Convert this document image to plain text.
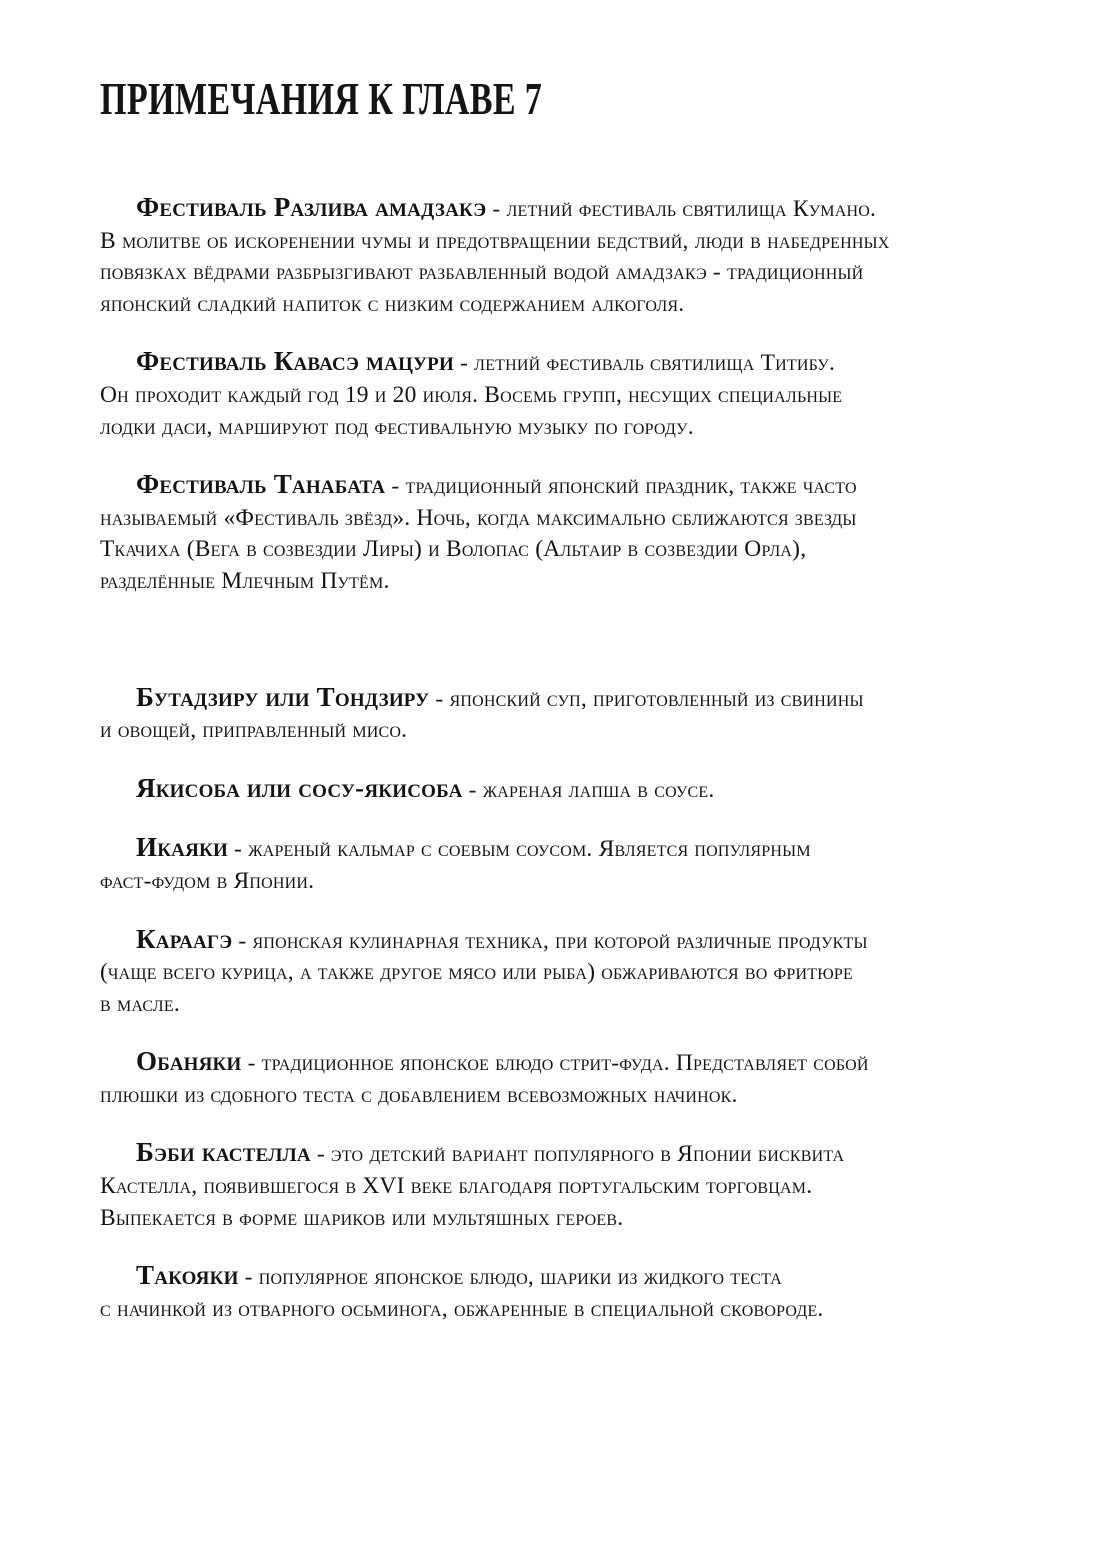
ПРИМЕЧАНИЯ К ГЛАВЕ 7
Фестиваль Разлива амадзакэ - летний фестиваль святилища Кумано.
В молитве об искоренении чумы и предотвращении бедствий, люди в набедренных
повязках вёдрами разбрызгивают разбавленный водой амадзакэ - традиционный
японский сладкий напиток с низким содержанием алкоголя.
Фестиваль Кавасэ мацури - летний фестиваль святилища Титибу.
Он проходит каждый год 19 и 20 июля. Восемь групп, несущих специальные
лодки даси, маршируют под фестивальную музыку по городу.
Фестиваль Танабата - традиционный японский праздник, также часто
называемый «Фестиваль звёзд». Ночь, когда максимально сближаются звезды
Ткачиха (Вега в созвездии Лиры) и Волопас (Альтаир в созвездии Орла),
разделённые Млечным Путём.
Бутадзиру или Тондзиру - японский суп, приготовленный из свинины
и овощей, приправленный мисо.
Якисоба или сосу-якисоба - жареная лапша в соусе.
Икаяки - жареный кальмар с соевым соусом. Является популярным
фаст-фудом в Японии.
Караагэ - японская кулинарная техника, при которой различные продукты
(чаще всего курица, а также другое мясо или рыба) обжариваются во фритюре
в масле.
Обаняки - традиционное японское блюдо стрит-фуда. Представляет собой
плюшки из сдобного теста с добавлением всевозможных начинок.
Бэби кастелла - это детский вариант популярного в Японии бисквита
Кастелла, появившегося в XVI веке благодаря португальским торговцам.
Выпекается в форме шариков или мультяшных героев.
Такояки - популярное японское блюдо, шарики из жидкого теста
с начинкой из отварного осьминога, обжаренные в специальной сковороде.
